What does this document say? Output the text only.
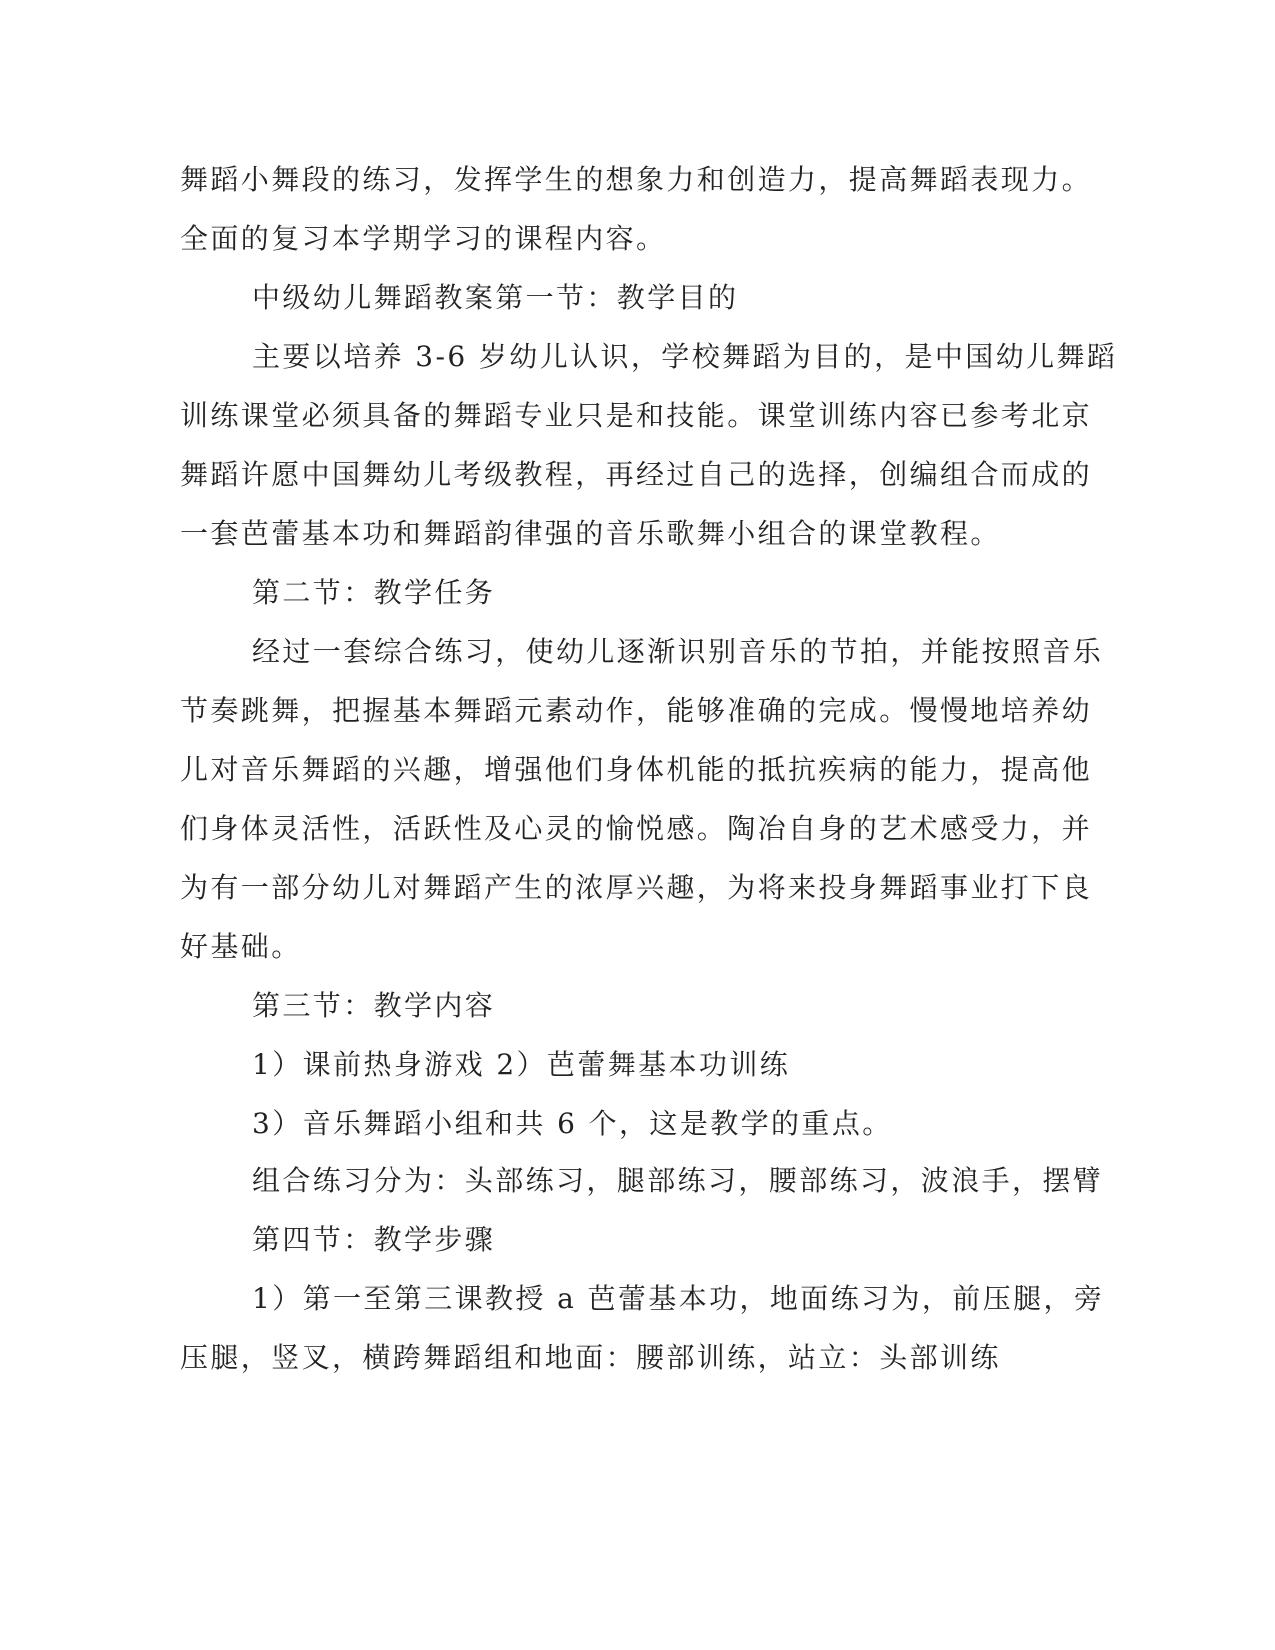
舞蹈小舞段的练习，发挥学生的想象力和创造力，提高舞蹈表现力。
全面的复习本学期学习的课程内容。
中级幼儿舞蹈教案第一节：教学目的
主要以培养 3-6 岁幼儿认识，学校舞蹈为目的，是中国幼儿舞蹈
训练课堂必须具备的舞蹈专业只是和技能。课堂训练内容已参考北京
舞蹈许愿中国舞幼儿考级教程，再经过自己的选择，创编组合而成的
一套芭蕾基本功和舞蹈韵律强的音乐歌舞小组合的课堂教程。
第二节：教学任务
经过一套综合练习，使幼儿逐渐识别音乐的节拍，并能按照音乐
节奏跳舞，把握基本舞蹈元素动作，能够准确的完成。慢慢地培养幼
儿对音乐舞蹈的兴趣，增强他们身体机能的抵抗疾病的能力，提高他
们身体灵活性，活跃性及心灵的愉悦感。陶冶自身的艺术感受力，并
为有一部分幼儿对舞蹈产生的浓厚兴趣，为将来投身舞蹈事业打下良
好基础。
第三节：教学内容
1）课前热身游戏 2）芭蕾舞基本功训练
3）音乐舞蹈小组和共 6 个，这是教学的重点。
组合练习分为：头部练习，腿部练习，腰部练习，波浪手，摆臂
第四节：教学步骤
1）第一至第三课教授 a 芭蕾基本功，地面练习为，前压腿，旁
压腿，竖叉，横跨舞蹈组和地面：腰部训练，站立：头部训练
